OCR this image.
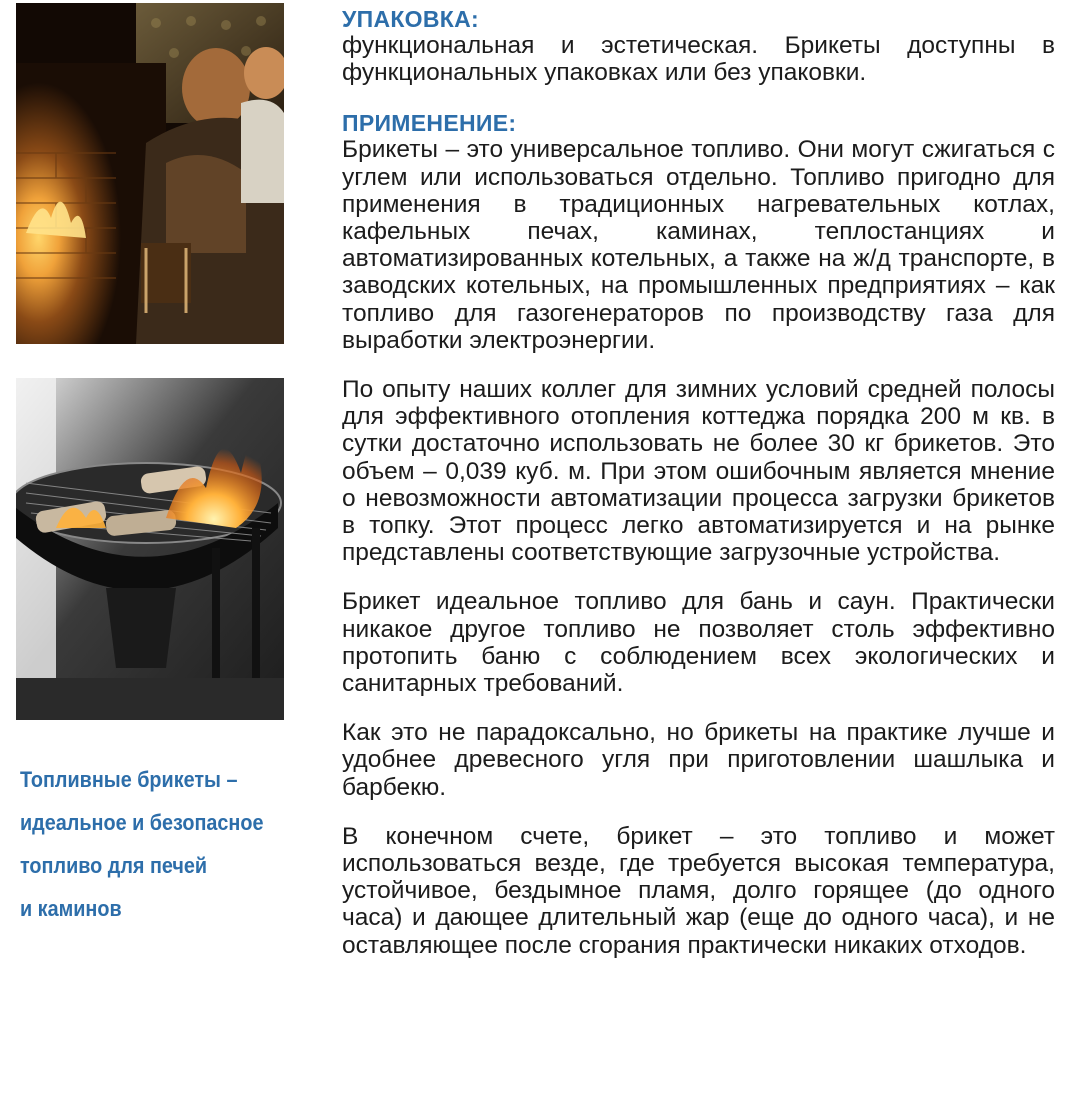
Топливные брикеты –
идеальное и безопасное
топливо для печей
и каминов

УПАКОВКА:

функциональная и эстетическая. Брикеты доступны в функциональных упаковках или без упаковки.

ПРИМЕНЕНИЕ:

Брикеты – это универсальное топливо. Они могут сжигаться с углем или использоваться отдельно. Топливо пригодно для применения в традиционных нагревательных котлах, кафельных печах, каминах, теплостанциях и автоматизированных котельных, а также на ж/д транспорте, в заводских котельных, на промышленных предприятиях – как топливо для газогенераторов по производству газа для выработки электроэнергии.

По опыту наших коллег для зимних условий средней полосы для эффективного отопления коттеджа порядка 200 м кв. в сутки достаточно использовать не более 30 кг брикетов. Это объем – 0,039 куб. м. При этом ошибочным является мнение о невозможности автоматизации процесса загрузки брикетов в топку. Этот процесс легко автоматизируется и на рынке представлены соответствующие загрузочные устройства.

Брикет идеальное топливо для бань и саун. Практически никакое другое топливо не позволяет столь эффективно протопить баню с соблюдением всех экологических и санитарных требований.

Как это не парадоксально, но брикеты на практике лучше и удобнее древесного угля при приготовлении шашлыка и барбекю.

В конечном счете, брикет – это топливо и может использоваться везде, где требуется высокая температура, устойчивое, бездымное пламя, долго горящее (до одного часа) и дающее длительный жар (еще до одного часа), и не оставляющее после сгорания практически никаких отходов.
